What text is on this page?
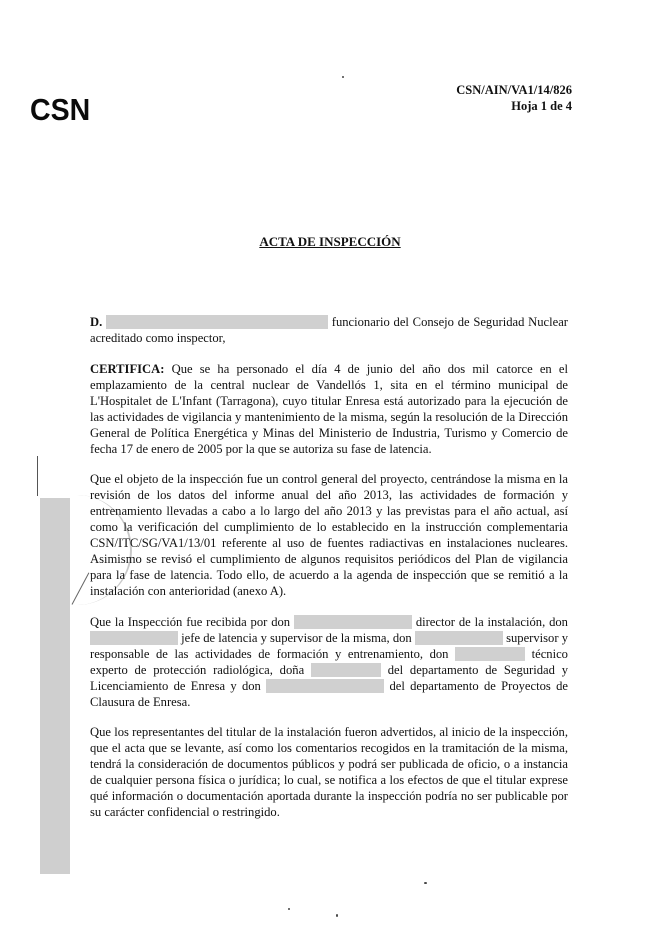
CSN
CSN/AIN/VA1/14/826
Hoja 1 de 4
ACTA DE INSPECCIÓN

D.	funcionario del Consejo de Seguridad Nuclear acreditado como inspector,

CERTIFICA: Que se ha personado el día 4 de junio del año dos mil catorce en el emplazamiento de la central nuclear de Vandellós 1, sita en el término municipal de L'Hospitalet de L'Infant (Tarragona), cuyo titular Enresa está autorizado para la ejecución de las actividades de vigilancia y mantenimiento de la misma, según la resolución de la Dirección General de Política Energética y Minas del Ministerio de Industria, Turismo y Comercio de fecha 17 de enero de 2005 por la que se autoriza su fase de latencia.

Que el objeto de la inspección fue un control general del proyecto, centrándose la misma en la revisión de los datos del informe anual del año 2013, las actividades de formación y entrenamiento llevadas a cabo a lo largo del año 2013 y las previstas para el año actual, así como la verificación del cumplimiento de lo establecido en la instrucción complementaria CSN/ITC/SG/VA1/13/01 referente al uso de fuentes radiactivas en instalaciones nucleares. Asimismo se revisó el cumplimiento de algunos requisitos periódicos del Plan de vigilancia para la fase de latencia. Todo ello, de acuerdo a la agenda de inspección que se remitió a la instalación con anterioridad (anexo A).

Que la Inspección fue recibida por don	director de la instalación, don  jefe de latencia y supervisor de la misma, don	supervisor y responsable de las actividades de formación y entrenamiento, don	técnico experto de protección radiológica, doña	del departamento de Seguridad y Licenciamiento de Enresa y don	del departamento de Proyectos de Clausura de Enresa.

Que los representantes del titular de la instalación fueron advertidos, al inicio de la inspección, que el acta que se levante, así como los comentarios recogidos en la tramitación de la misma, tendrá la consideración de documentos públicos y podrá ser publicada de oficio, o a instancia de cualquier persona física o jurídica; lo cual, se notifica a los efectos de que el titular exprese qué información o documentación aportada durante la inspección podría no ser publicable por su carácter confidencial o restringido.
